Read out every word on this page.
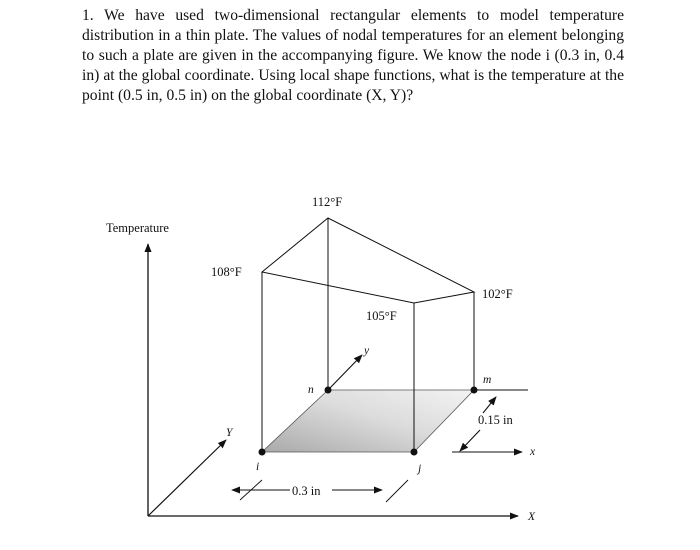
1. We have used two-dimensional rectangular elements to model temperature distribution in a thin plate. The values of nodal temperatures for an element belonging to such a plate are given in the accompanying figure. We know the node i (0.3 in, 0.4 in) at the global coordinate. Using local shape functions, what is the temperature at the point (0.5 in, 0.5 in) on the global coordinate (X, Y)?

Temperature
X
Y
x
y
i	j
m
n
112°F
108°F
102°F
105°F
0.3 in
0.15 in
